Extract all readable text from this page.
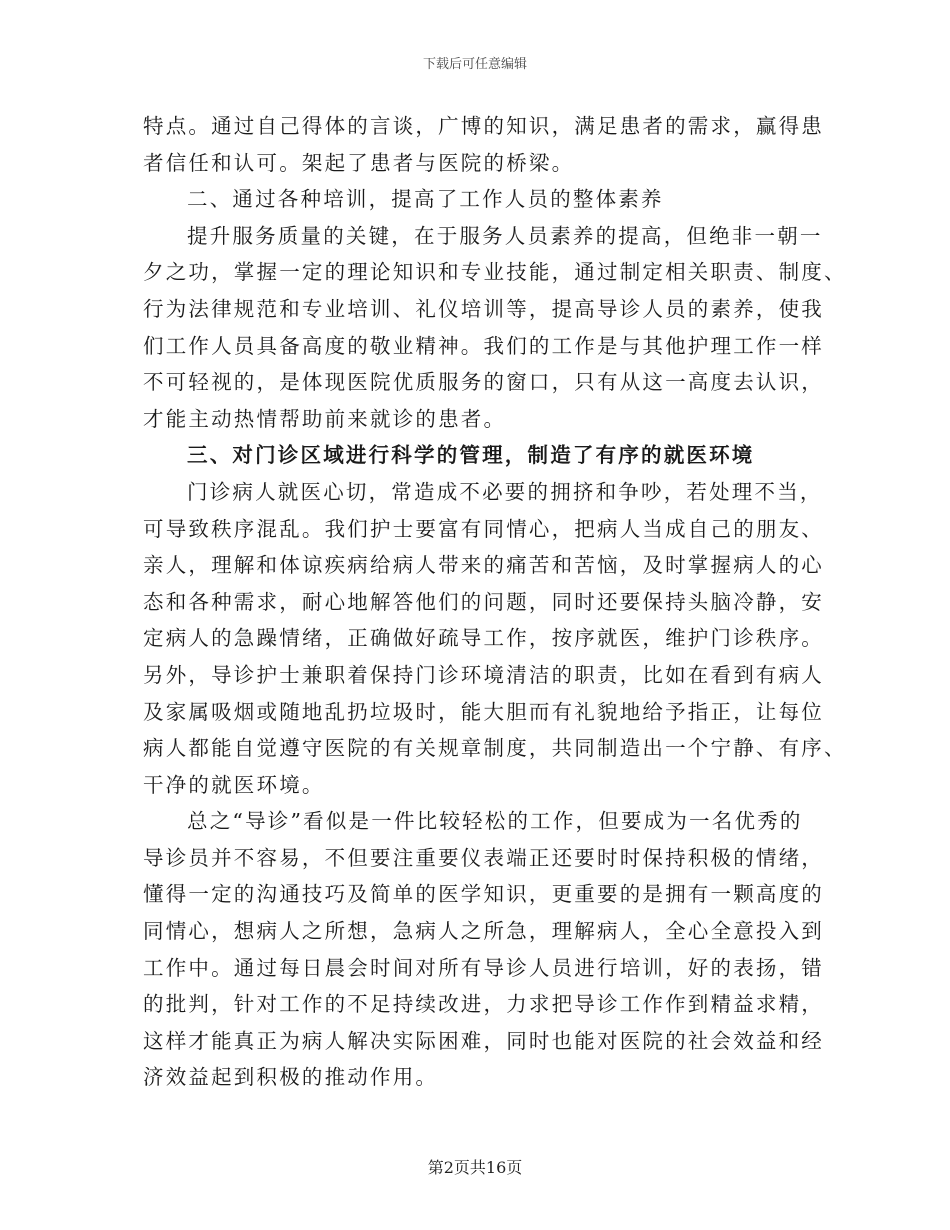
下载后可任意编辑
特点。通过自己得体的言谈，广博的知识，满足患者的需求，赢得患
者信任和认可。架起了患者与医院的桥梁。
二、通过各种培训，提高了工作人员的整体素养
提升服务质量的关键，在于服务人员素养的提高，但绝非一朝一
夕之功，掌握一定的理论知识和专业技能，通过制定相关职责、制度、
行为法律规范和专业培训、礼仪培训等，提高导诊人员的素养，使我
们工作人员具备高度的敬业精神。我们的工作是与其他护理工作一样
不可轻视的，是体现医院优质服务的窗口，只有从这一高度去认识，
才能主动热情帮助前来就诊的患者。
三、对门诊区域进行科学的管理，制造了有序的就医环境
门诊病人就医心切，常造成不必要的拥挤和争吵，若处理不当，
可导致秩序混乱。我们护士要富有同情心，把病人当成自己的朋友、
亲人，理解和体谅疾病给病人带来的痛苦和苦恼，及时掌握病人的心
态和各种需求，耐心地解答他们的问题，同时还要保持头脑冷静，安
定病人的急躁情绪，正确做好疏导工作，按序就医，维护门诊秩序。
另外，导诊护士兼职着保持门诊环境清洁的职责，比如在看到有病人
及家属吸烟或随地乱扔垃圾时，能大胆而有礼貌地给予指正，让每位
病人都能自觉遵守医院的有关规章制度，共同制造出一个宁静、有序、
干净的就医环境。
总之“导诊”看似是一件比较轻松的工作，但要成为一名优秀的
导诊员并不容易，不但要注重要仪表端正还要时时保持积极的情绪，
懂得一定的沟通技巧及简单的医学知识，更重要的是拥有一颗高度的
同情心，想病人之所想，急病人之所急，理解病人，全心全意投入到
工作中。通过每日晨会时间对所有导诊人员进行培训，好的表扬，错
的批判，针对工作的不足持续改进，力求把导诊工作作到精益求精，
这样才能真正为病人解决实际困难，同时也能对医院的社会效益和经
济效益起到积极的推动作用。
第2页共16页
